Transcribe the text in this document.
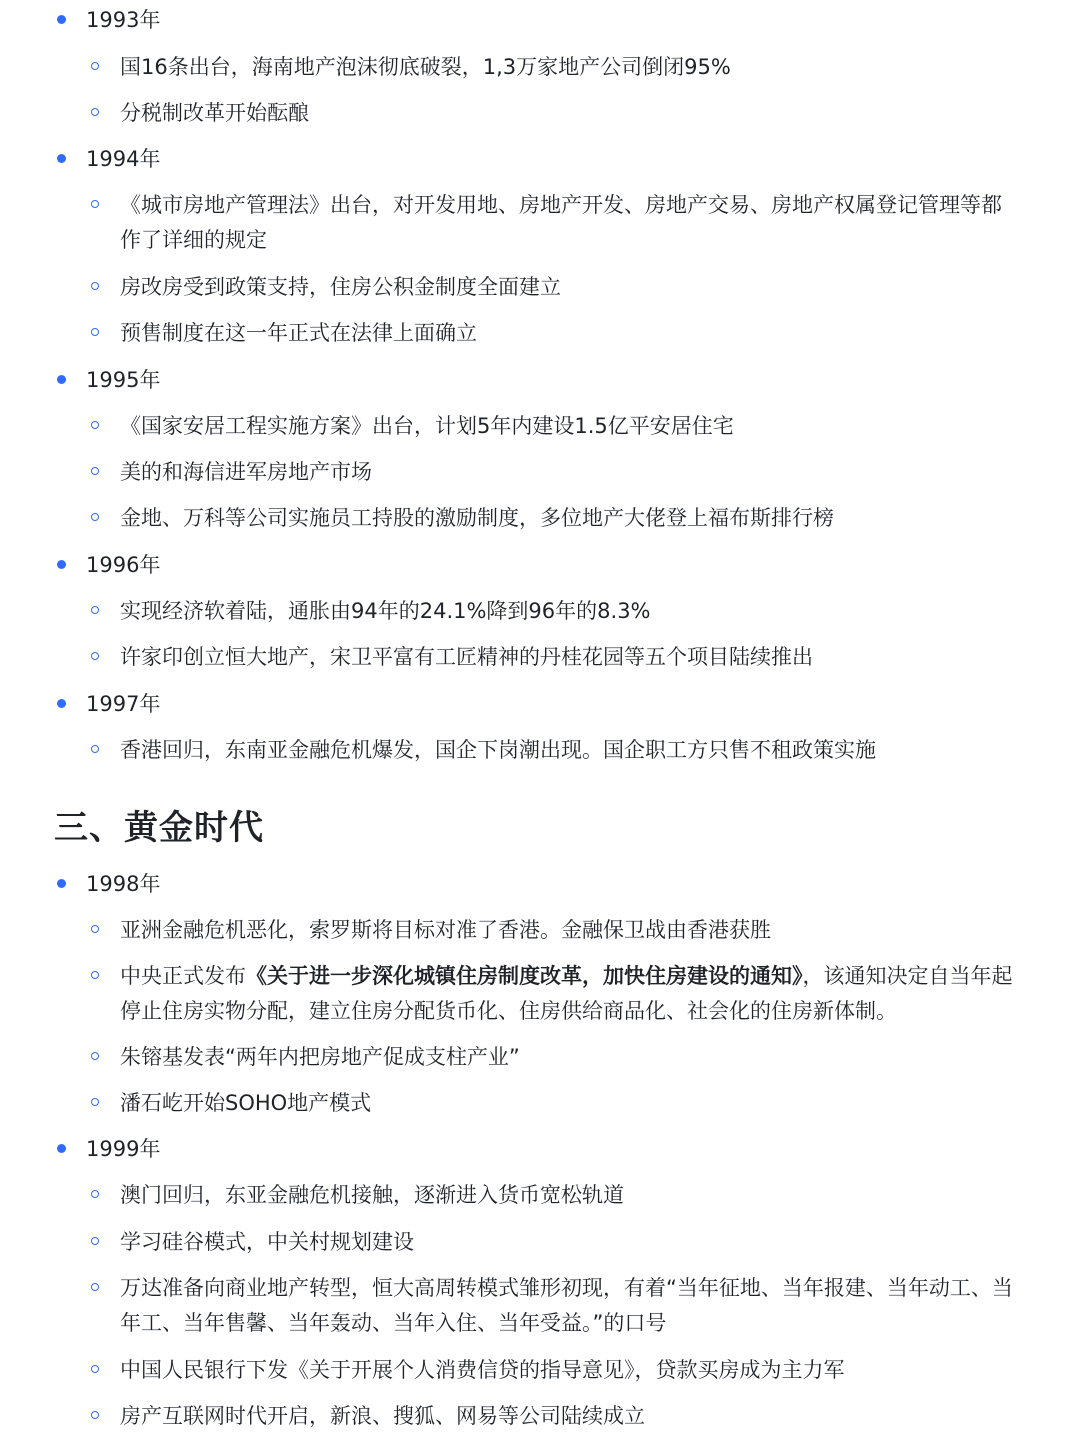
1993年
国16条出台，海南地产泡沫彻底破裂，1,3万家地产公司倒闭95%
分税制改革开始酝酿
1994年
《城市房地产管理法》出台，对开发用地、房地产开发、房地产交易、房地产权属登记管理等都作了详细的规定
房改房受到政策支持，住房公积金制度全面建立
预售制度在这一年正式在法律上面确立
1995年
《国家安居工程实施方案》出台，计划5年内建设1.5亿平安居住宅
美的和海信进军房地产市场
金地、万科等公司实施员工持股的激励制度，多位地产大佬登上福布斯排行榜
1996年
实现经济软着陆，通胀由94年的24.1%降到96年的8.3%
许家印创立恒大地产，宋卫平富有工匠精神的丹桂花园等五个项目陆续推出
1997年
香港回归，东南亚金融危机爆发，国企下岗潮出现。国企职工方只售不租政策实施
三、黄金时代
1998年
亚洲金融危机恶化，索罗斯将目标对准了香港。金融保卫战由香港获胜
中央正式发布《关于进一步深化城镇住房制度改革，加快住房建设的通知》，该通知决定自当年起停止住房实物分配，建立住房分配货币化、住房供给商品化、社会化的住房新体制。
朱镕基发表“两年内把房地产促成支柱产业”
潘石屹开始SOHO地产模式
1999年
澳门回归，东亚金融危机接触，逐渐进入货币宽松轨道
学习硅谷模式，中关村规划建设
万达准备向商业地产转型，恒大高周转模式雏形初现，有着“当年征地、当年报建、当年动工、当年工、当年售馨、当年轰动、当年入住、当年受益。”的口号
中国人民银行下发《关于开展个人消费信贷的指导意见》，贷款买房成为主力军
房产互联网时代开启，新浪、搜狐、网易等公司陆续成立
